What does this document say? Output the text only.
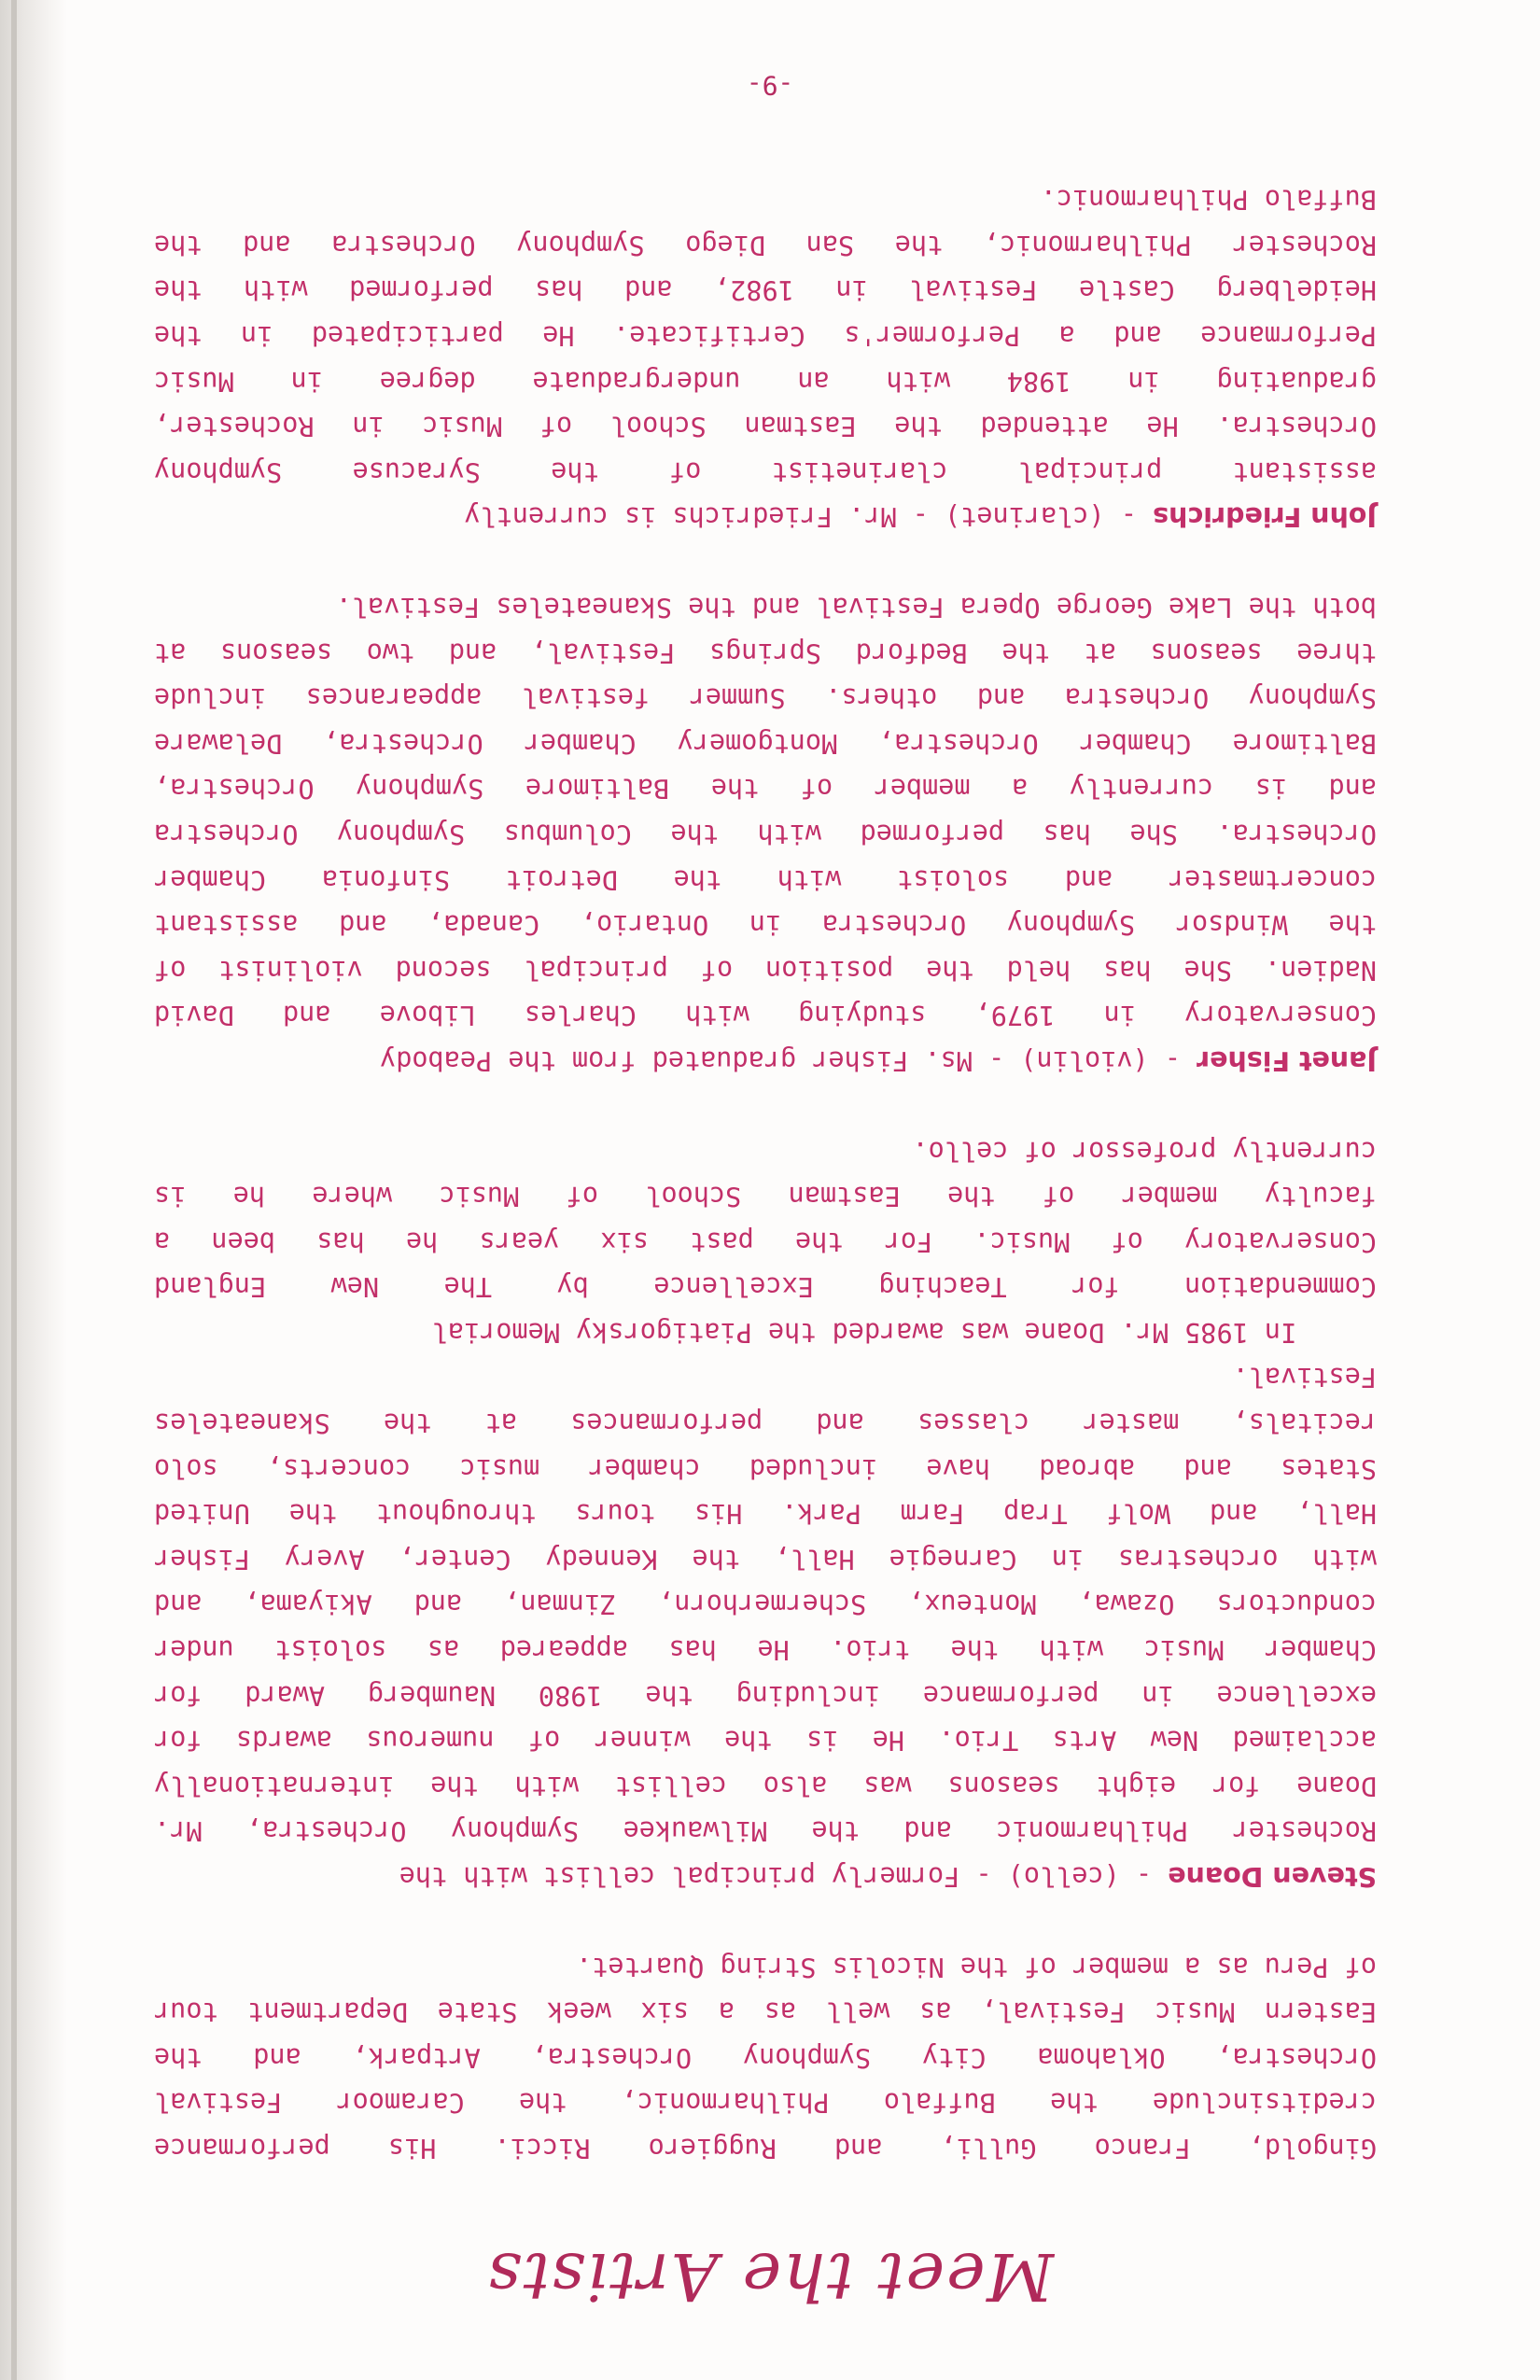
Meet the Artists
Gingold, Franco Gulli, and Ruggiero Ricci. His performance
creditsinclude the Buffalo Philharmonic, the Caramoor Festival
Orchestra, Oklahoma City Symphony Orchestra, Artpark, and the
Eastern Music Festival, as well as a six week State Department tour
of Peru as a member of the Nicolis String Quartet.
Steven Doane - (cello) - Formerly principal cellist with the
Rochester Philharmonic and the Milwaukee Symphony Orchestra, Mr.
Doane for eight seasons was also cellist with the internationally
acclaimed New Arts Trio. He is the winner of numerous awards for
excellence in performance including the 1980 Naumberg Award for
Chamber Music with the trio. He has appeared as soloist under
conductors Ozawa, Monteux, Schermerhorn, Zinman, and Akiyama, and
with orchestras in Carnegie Hall, the Kennedy Center, Avery Fisher
Hall, and Wolf Trap Farm Park. His tours throughout the United
States and abroad have included chamber music concerts, solo
recitals, master classes and performances at the Skaneateles
Festival.
In 1985 Mr. Doane was awarded the Piatigorsky Memorial
Commendation for Teaching Excellence by The New England
Conservatory of Music. For the past six years he has been a
faculty member of the Eastman School of Music where he is
currently professor of cello.
Janet Fisher - (violin) - Ms. Fisher graduated from the Peabody
Conservatory in 1979, studying with Charles Libove and David
Nadien. She has held the position of principal second violinist of
the Windsor Symphony Orchestra in Ontario, Canada, and assistant
concertmaster and soloist with the Detroit Sinfonia Chamber
Orchestra. She has performed with the Columbus Symphony Orchestra
and is currently a member of the Baltimore Symphony Orchestra,
Baltimore Chamber Orchestra, Montgomery Chamber Orchestra, Delaware
Symphony Orchestra and others. Summer festival appearances include
three seasons at the Bedford Springs Festival, and two seasons at
both the Lake George Opera Festival and the Skaneateles Festival.
John Friedrichs - (clarinet) - Mr. Friedrichs is currently
assistant principal clarinetist of the Syracuse Symphony
Orchestra. He attended the Eastman School of Music in Rochester,
graduating in 1984 with an undergraduate degree in Music
Performance and a Performer's Certificate. He participated in the
Heidelberg Castle Festival in 1982, and has performed with the
Rochester Philharmonic, the San Diego Symphony Orchestra and the
Buffalo Philharmonic.
-9-
